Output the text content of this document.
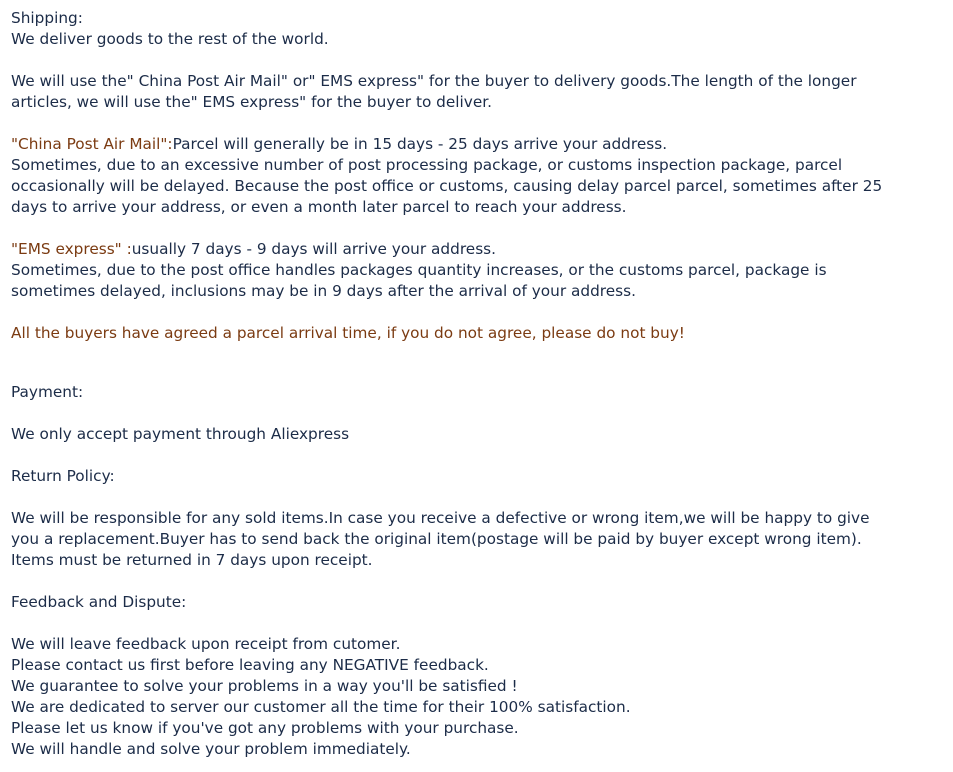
Shipping:
We deliver goods to the rest of the world.
We will use the" China Post Air Mail" or" EMS express" for the buyer to delivery goods.The length of the longer
articles, we will use the" EMS express" for the buyer to deliver.
"China Post Air Mail":Parcel will generally be in 15 days - 25 days arrive your address.
Sometimes, due to an excessive number of post processing package, or customs inspection package, parcel
occasionally will be delayed. Because the post office or customs, causing delay parcel parcel, sometimes after 25
days to arrive your address, or even a month later parcel to reach your address.
"EMS express" :usually 7 days - 9 days will arrive your address.
Sometimes, due to the post office handles packages quantity increases, or the customs parcel, package is
sometimes delayed, inclusions may be in 9 days after the arrival of your address.
All the buyers have agreed a parcel arrival time, if you do not agree, please do not buy!
Payment:
We only accept payment through Aliexpress
Return Policy:
We will be responsible for any sold items.In case you receive a defective or wrong item,we will be happy to give
you a replacement.Buyer has to send back the original item(postage will be paid by buyer except wrong item).
Items must be returned in 7 days upon receipt.
Feedback and Dispute:
We will leave feedback upon receipt from cutomer.
Please contact us first before leaving any NEGATIVE feedback.
We guarantee to solve your problems in a way you'll be satisfied !
We are dedicated to server our customer all the time for their 100% satisfaction.
Please let us know if you've got any problems with your purchase.
We will handle and solve your problem immediately.
